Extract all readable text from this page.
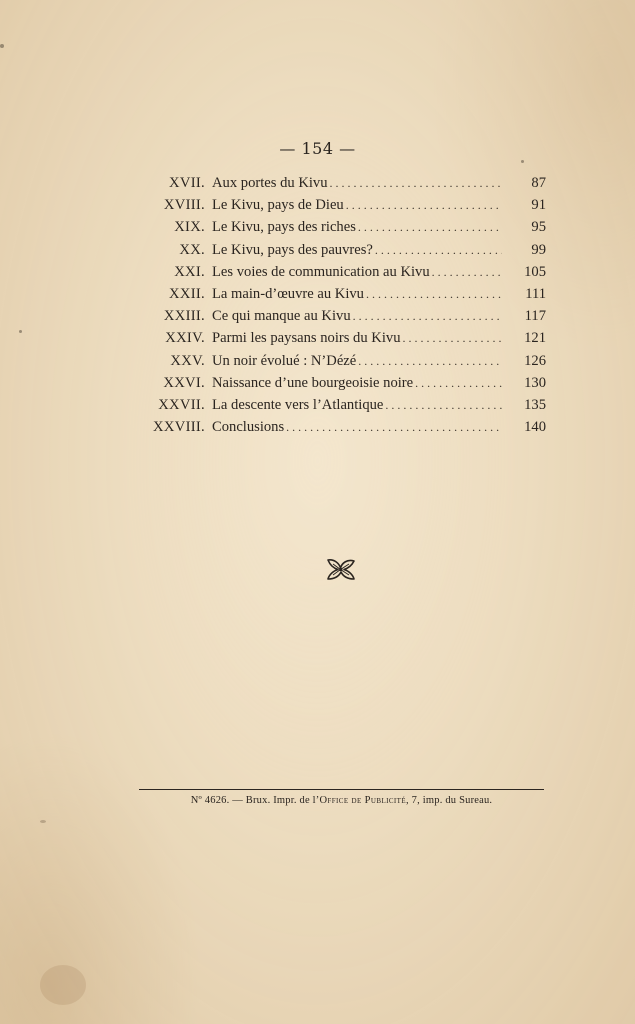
— 154 —
XVII. Aux portes du Kivu . . .	87
XVIII. Le Kivu, pays de Dieu . . .	91
XIX. Le Kivu, pays des riches . . .	95
XX. Le Kivu, pays des pauvres? . . .	99
XXI. Les voies de communication au Kivu . . .	105
XXII. La main-d’œuvre au Kivu . . .	111
XXIII. Ce qui manque au Kivu . . .	117
XXIV. Parmi les paysans noirs du Kivu . . .	121
XXV. Un noir évolué : N’Dézé . . .	126
XXVI. Naissance d’une bourgeoisie noire . . .	130
XXVII. La descente vers l’Atlantique . . .	135
XXVIII. Conclusions . . .	140
Nº 4626. — Brux. Impr. de l’Office de Publicité, 7, imp. du Sureau.
